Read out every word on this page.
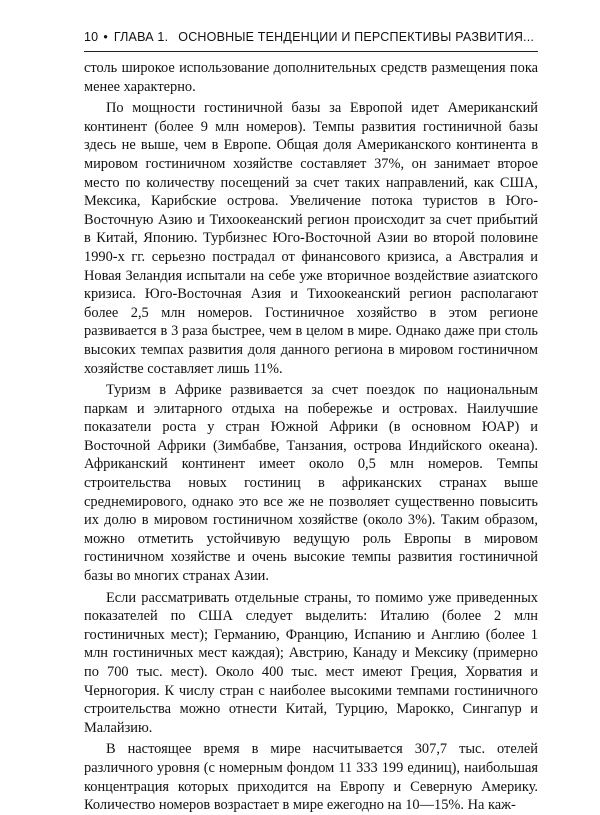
10 • ГЛАВА 1. ОСНОВНЫЕ ТЕНДЕНЦИИ И ПЕРСПЕКТИВЫ РАЗВИТИЯ...

столь широкое использование дополнительных средств размещения пока менее характерно.

По мощности гостиничной базы за Европой идет Американский континент (более 9 млн номеров). Темпы развития гостиничной базы здесь не выше, чем в Европе. Общая доля Американского континента в мировом гостиничном хозяйстве составляет 37%, он занимает второе место по количеству посещений за счет таких направлений, как США, Мексика, Карибские острова. Увеличение потока туристов в Юго-Восточную Азию и Тихоокеанский регион происходит за счет прибытий в Китай, Японию. Турбизнес Юго-Восточной Азии во второй половине 1990-х гг. серьезно пострадал от финансового кризиса, а Австралия и Новая Зеландия испытали на себе уже вторичное воздействие азиатского кризиса. Юго-Восточная Азия и Тихоокеанский регион располагают более 2,5 млн номеров. Гостиничное хозяйство в этом регионе развивается в 3 раза быстрее, чем в целом в мире. Однако даже при столь высоких темпах развития доля данного региона в мировом гостиничном хозяйстве составляет лишь 11%.

Туризм в Африке развивается за счет поездок по национальным паркам и элитарного отдыха на побережье и островах. Наилучшие показатели роста у стран Южной Африки (в основном ЮАР) и Восточной Африки (Зимбабве, Танзания, острова Индийского океана). Африканский континент имеет около 0,5 млн номеров. Темпы строительства новых гостиниц в африканских странах выше среднемирового, однако это все же не позволяет существенно повысить их долю в мировом гостиничном хозяйстве (около 3%). Таким образом, можно отметить устойчивую ведущую роль Европы в мировом гостиничном хозяйстве и очень высокие темпы развития гостиничной базы во многих странах Азии.

Если рассматривать отдельные страны, то помимо уже приведенных показателей по США следует выделить: Италию (более 2 млн гостиничных мест); Германию, Францию, Испанию и Англию (более 1 млн гостиничных мест каждая); Австрию, Канаду и Мексику (примерно по 700 тыс. мест). Около 400 тыс. мест имеют Греция, Хорватия и Черногория. К числу стран с наиболее высокими темпами гостиничного строительства можно отнести Китай, Турцию, Марокко, Сингапур и Малайзию.

В настоящее время в мире насчитывается 307,7 тыс. отелей различного уровня (с номерным фондом 11 333 199 единиц), наибольшая концентрация которых приходится на Европу и Северную Америку. Количество номеров возрастает в мире ежегодно на 10—15%. На каж-
